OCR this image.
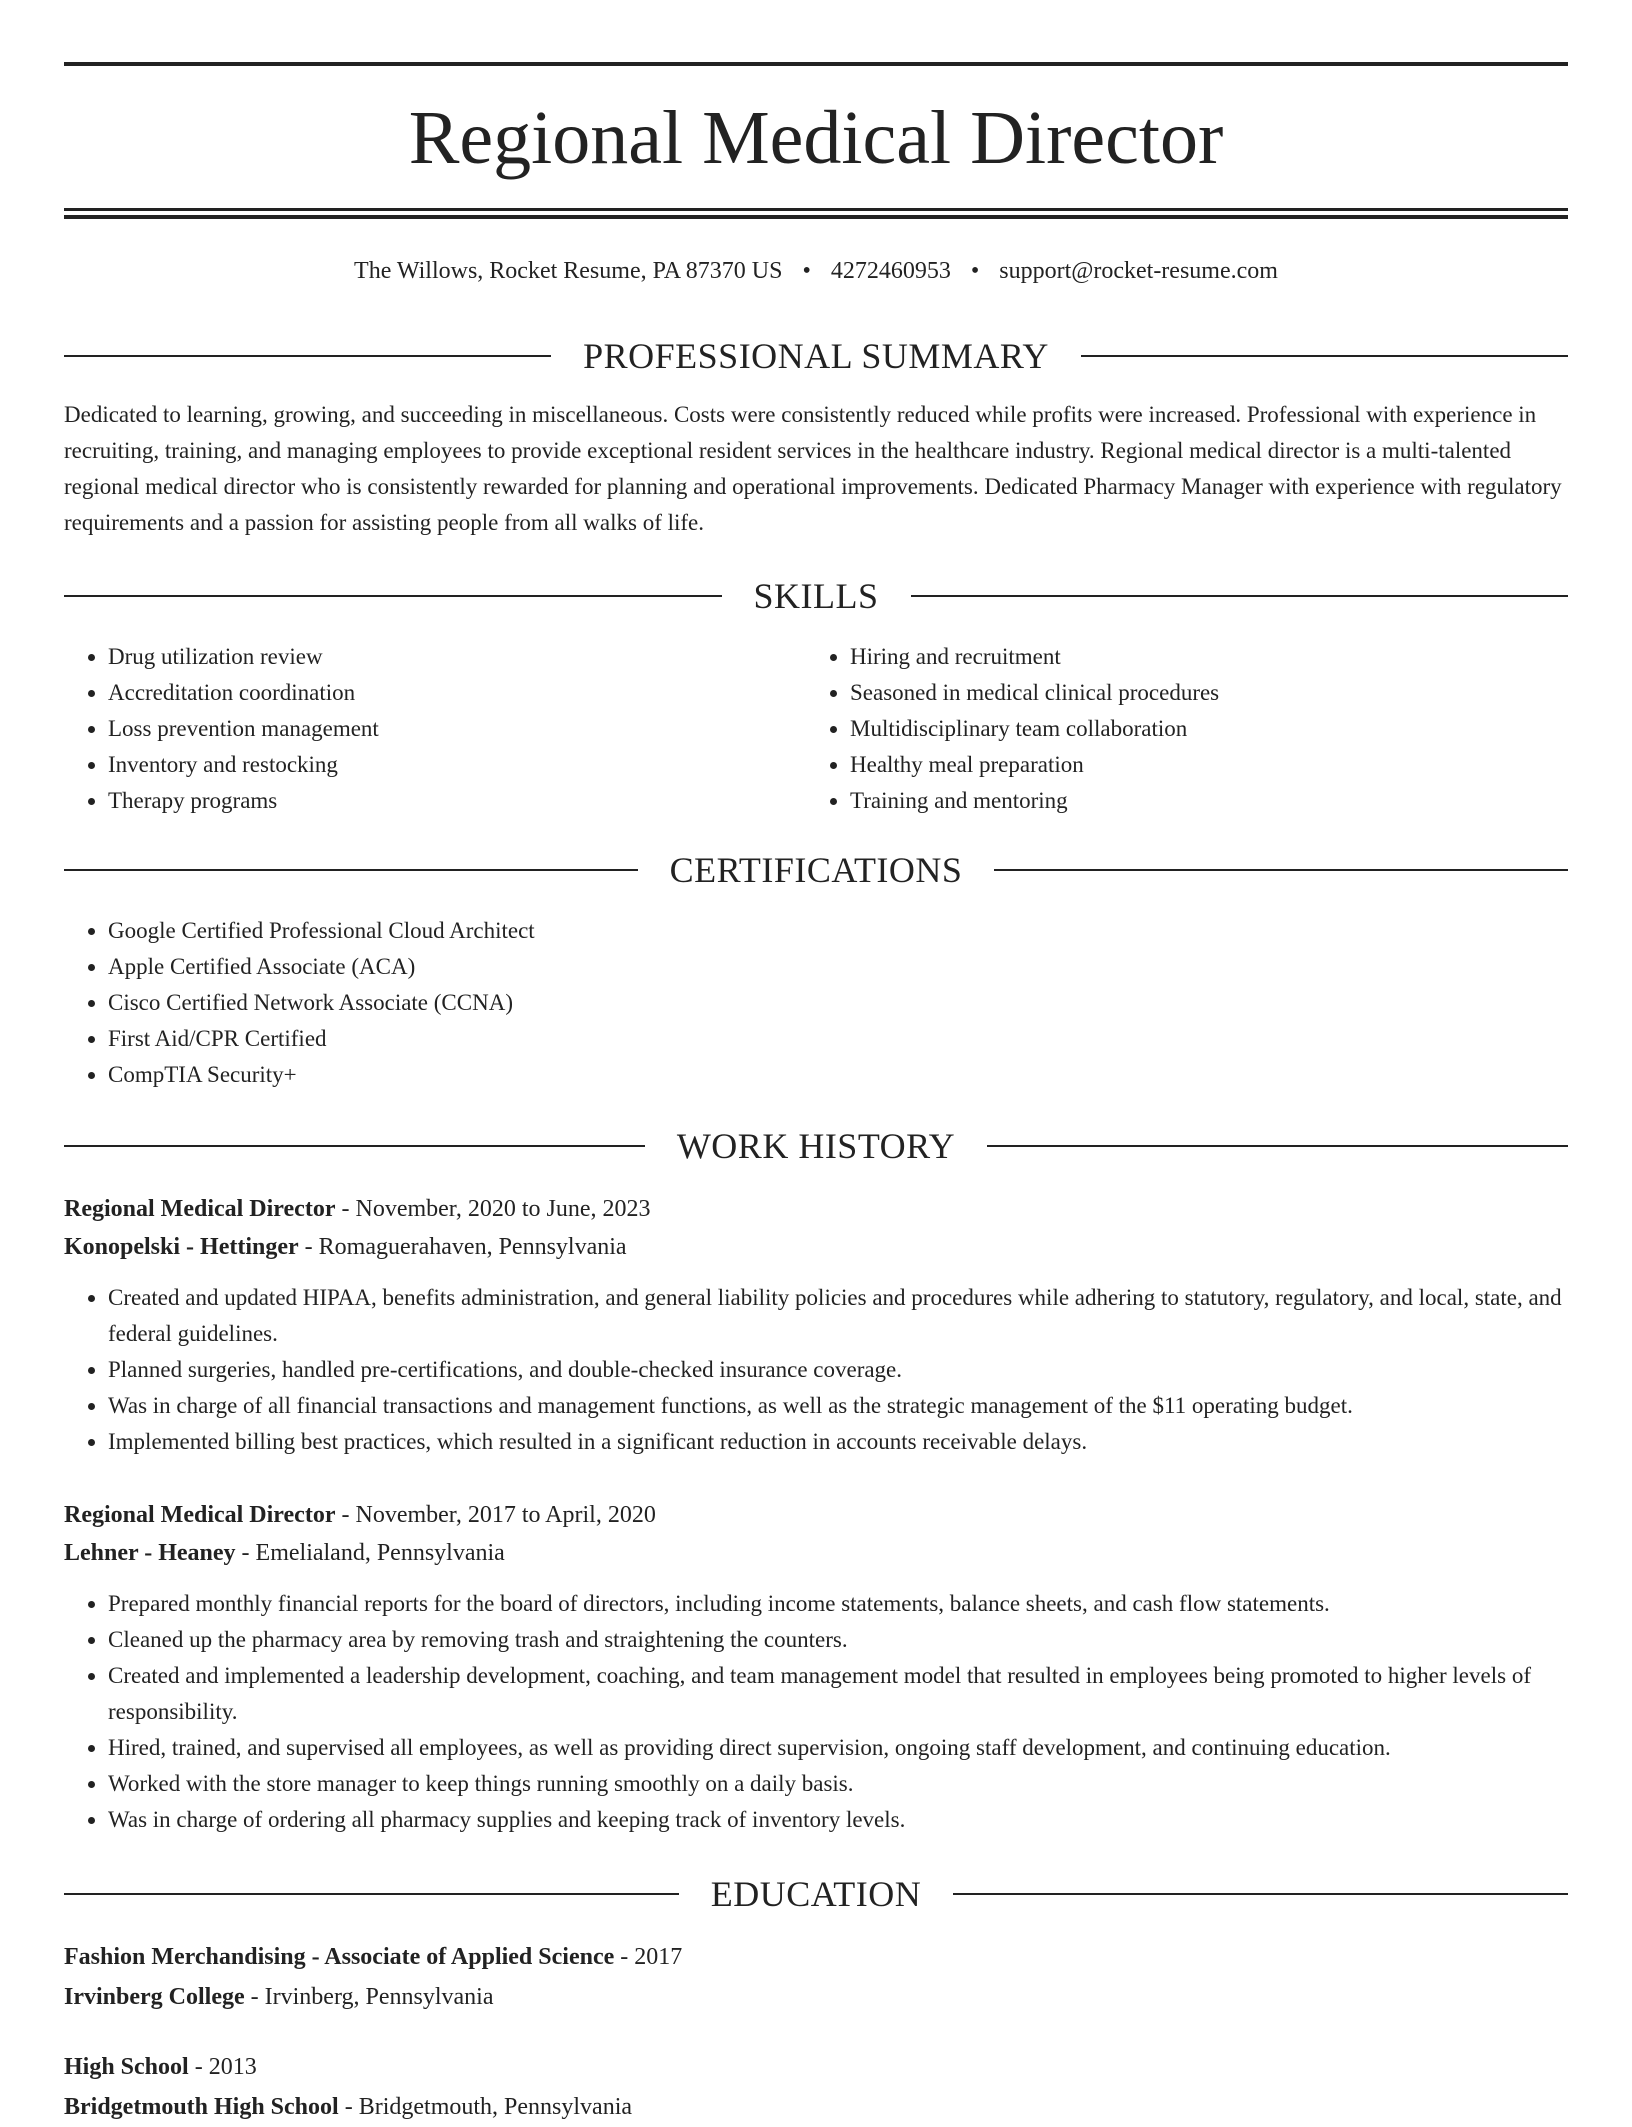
Regional Medical Director
The Willows, Rocket Resume, PA 87370 US • 4272460953 • support@rocket-resume.com
PROFESSIONAL SUMMARY

Dedicated to learning, growing, and succeeding in miscellaneous. Costs were consistently reduced while profits were increased. Professional with experience in recruiting, training, and managing employees to provide exceptional resident services in the healthcare industry. Regional medical director is a multi-talented regional medical director who is consistently rewarded for planning and operational improvements. Dedicated Pharmacy Manager with experience with regulatory requirements and a passion for assisting people from all walks of life.

SKILLS
• Drug utilization review
• Accreditation coordination
• Loss prevention management
• Inventory and restocking
• Therapy programs
• Hiring and recruitment
• Seasoned in medical clinical procedures
• Multidisciplinary team collaboration
• Healthy meal preparation
• Training and mentoring
CERTIFICATIONS
• Google Certified Professional Cloud Architect
• Apple Certified Associate (ACA)
• Cisco Certified Network Associate (CCNA)
• First Aid/CPR Certified
• CompTIA Security+
WORK HISTORY
Regional Medical Director - November, 2020 to June, 2023
Konopelski - Hettinger - Romaguerahaven, Pennsylvania
• Created and updated HIPAA, benefits administration, and general liability policies and procedures while adhering to statutory, regulatory, and local, state, and federal guidelines.
• Planned surgeries, handled pre-certifications, and double-checked insurance coverage.
• Was in charge of all financial transactions and management functions, as well as the strategic management of the $11 operating budget.
• Implemented billing best practices, which resulted in a significant reduction in accounts receivable delays.
Regional Medical Director - November, 2017 to April, 2020
Lehner - Heaney - Emelialand, Pennsylvania
• Prepared monthly financial reports for the board of directors, including income statements, balance sheets, and cash flow statements.
• Cleaned up the pharmacy area by removing trash and straightening the counters.
• Created and implemented a leadership development, coaching, and team management model that resulted in employees being promoted to higher levels of responsibility.
• Hired, trained, and supervised all employees, as well as providing direct supervision, ongoing staff development, and continuing education.
• Worked with the store manager to keep things running smoothly on a daily basis.
• Was in charge of ordering all pharmacy supplies and keeping track of inventory levels.
EDUCATION
Fashion Merchandising - Associate of Applied Science - 2017
Irvinberg College - Irvinberg, Pennsylvania
High School - 2013
Bridgetmouth High School - Bridgetmouth, Pennsylvania
